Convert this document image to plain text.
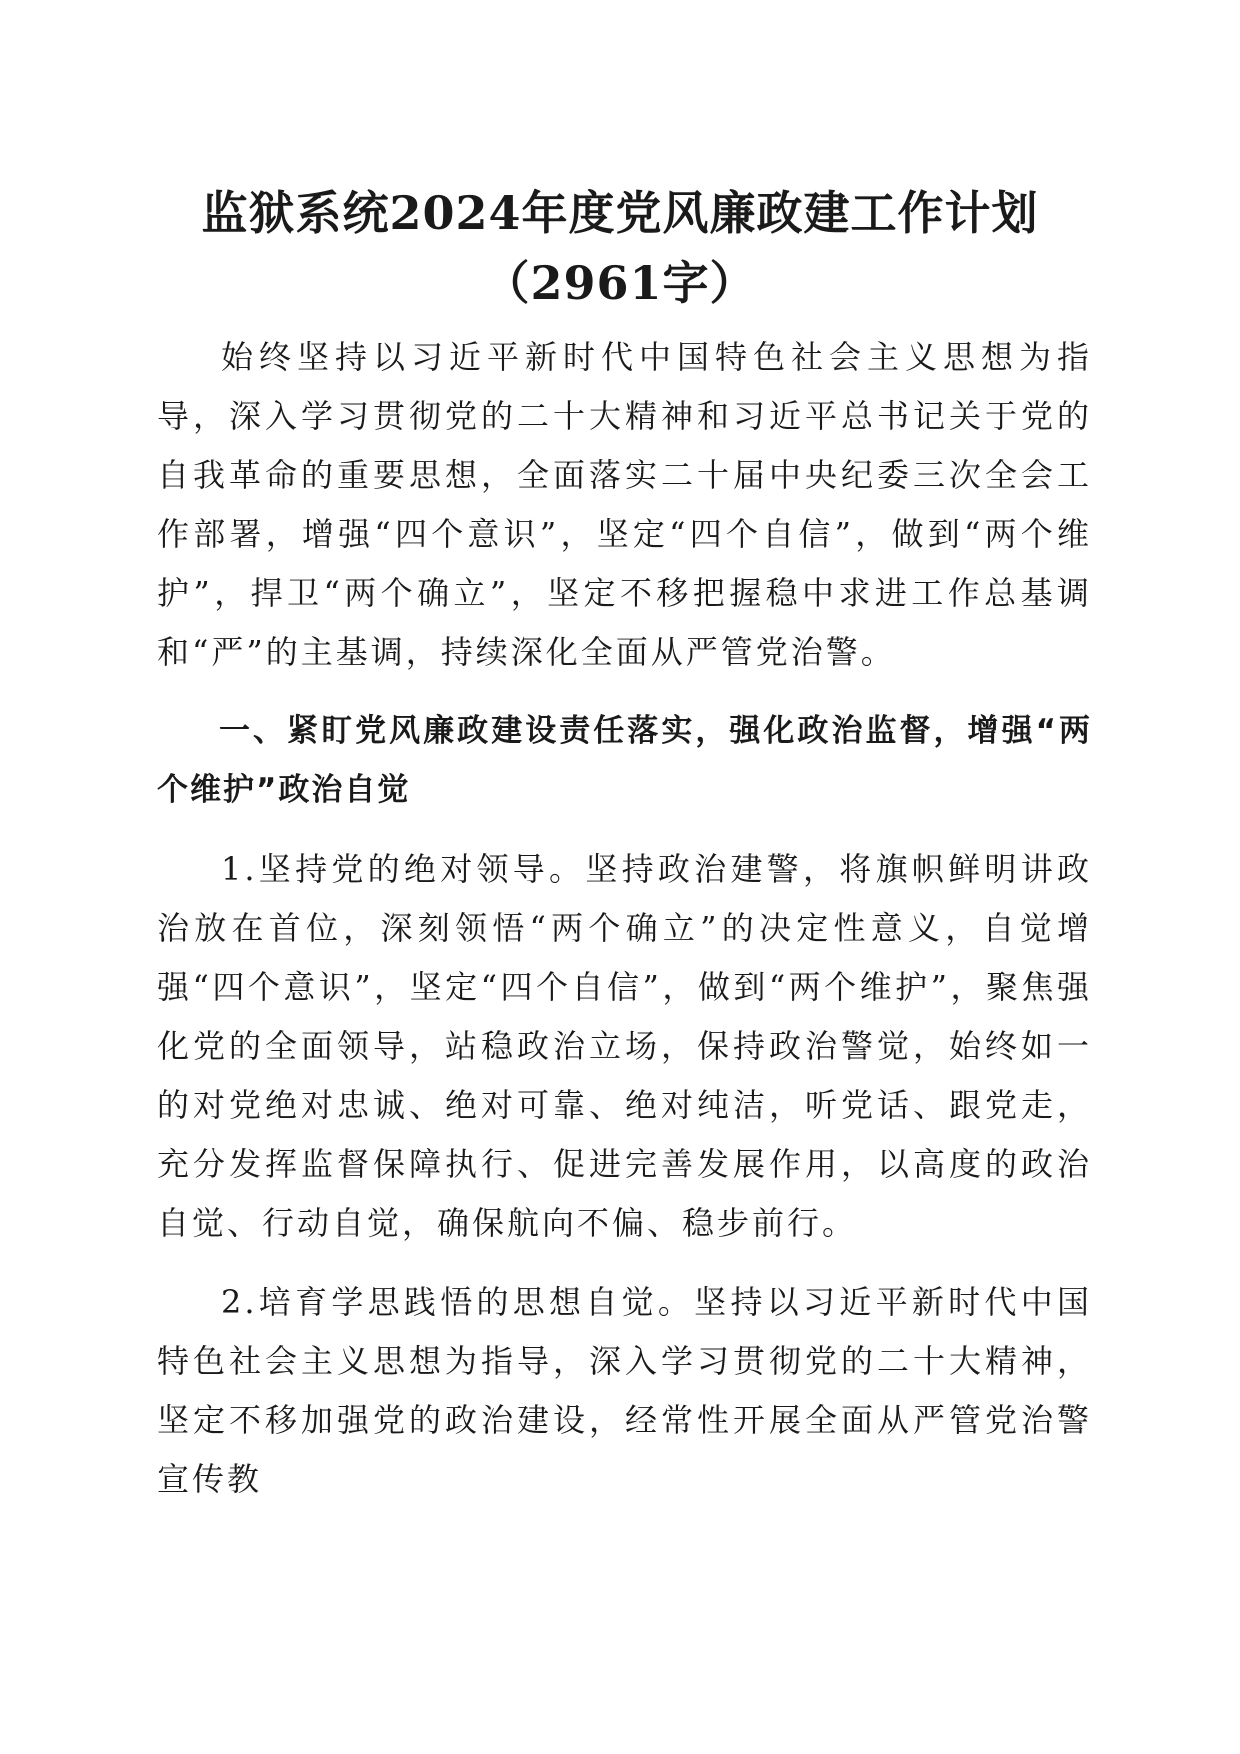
监狱系统2024年度党风廉政建工作计划
（2961字）

始终坚持以习近平新时代中国特色社会主义思想为指导，深入学习贯彻党的二十大精神和习近平总书记关于党的自我革命的重要思想，全面落实二十届中央纪委三次全会工作部署，增强“四个意识”，坚定“四个自信”，做到“两个维护”，捍卫“两个确立”，坚定不移把握稳中求进工作总基调和“严”的主基调，持续深化全面从严管党治警。

一、紧盯党风廉政建设责任落实，强化政治监督，增强“两个维护”政治自觉

1.坚持党的绝对领导。坚持政治建警，将旗帜鲜明讲政治放在首位，深刻领悟“两个确立”的决定性意义，自觉增强“四个意识”，坚定“四个自信”，做到“两个维护”，聚焦强化党的全面领导，站稳政治立场，保持政治警觉，始终如一的对党绝对忠诚、绝对可靠、绝对纯洁，听党话、跟党走，充分发挥监督保障执行、促进完善发展作用，以高度的政治自觉、行动自觉，确保航向不偏、稳步前行。

2.培育学思践悟的思想自觉。坚持以习近平新时代中国特色社会主义思想为指导，深入学习贯彻党的二十大精神，坚定不移加强党的政治建设，经常性开展全面从严管党治警宣传教
